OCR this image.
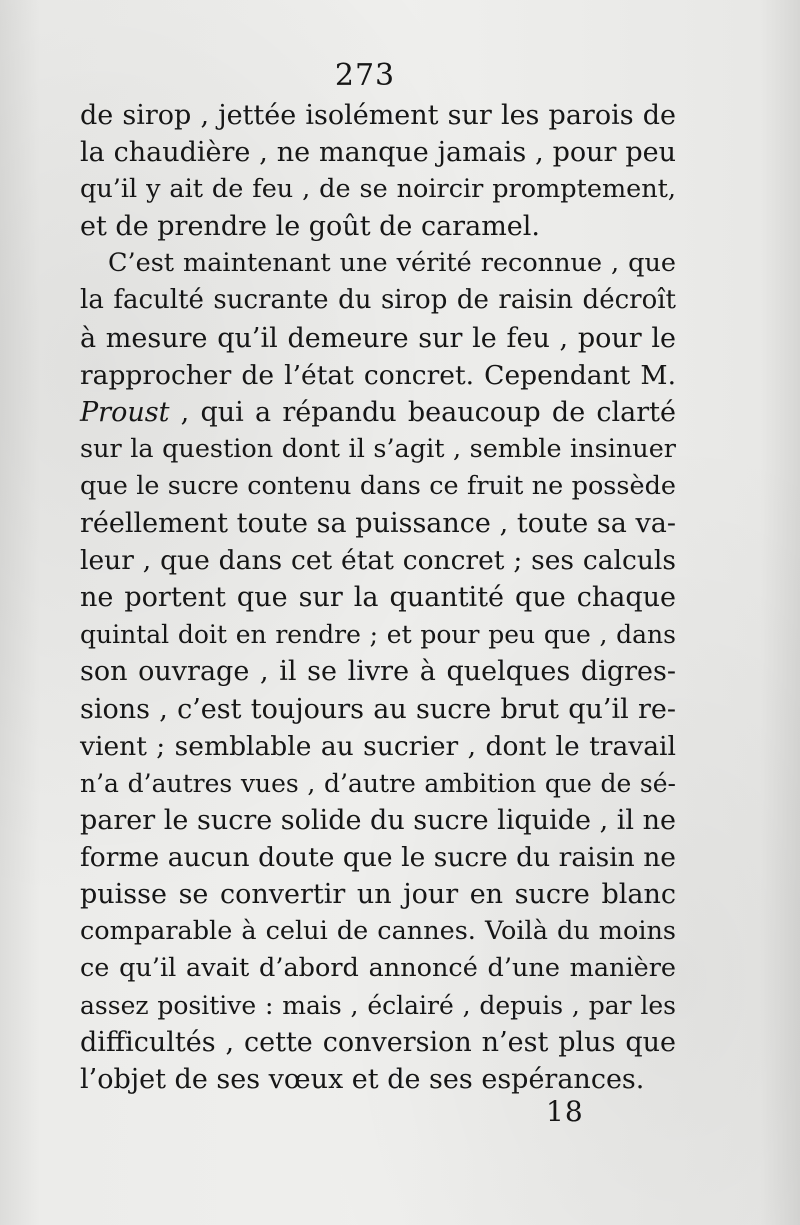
273
de sirop , jettée isolément sur les parois de
la chaudière , ne manque jamais , pour peu
qu’il y ait de feu , de se noircir promptement,
et de prendre le goût de caramel.
C’est maintenant une vérité reconnue , que
la faculté sucrante du sirop de raisin décroît
à mesure qu’il demeure sur le feu , pour le
rapprocher de l’état concret. Cependant M.
Proust , qui a répandu beaucoup de clarté
sur la question dont il s’agit , semble insinuer
que le sucre contenu dans ce fruit ne possède
réellement toute sa puissance , toute sa va-
leur , que dans cet état concret ; ses calculs
ne portent que sur la quantité que chaque
quintal doit en rendre ; et pour peu que , dans
son ouvrage , il se livre à quelques digres-
sions , c’est toujours au sucre brut qu’il re-
vient ; semblable au sucrier , dont le travail
n’a d’autres vues , d’autre ambition que de sé-
parer le sucre solide du sucre liquide , il ne
forme aucun doute que le sucre du raisin ne
puisse se convertir un jour en sucre blanc
comparable à celui de cannes. Voilà du moins
ce qu’il avait d’abord annoncé d’une manière
assez positive : mais , éclairé , depuis , par les
difficultés , cette conversion n’est plus que
l’objet de ses vœux et de ses espérances.
18
